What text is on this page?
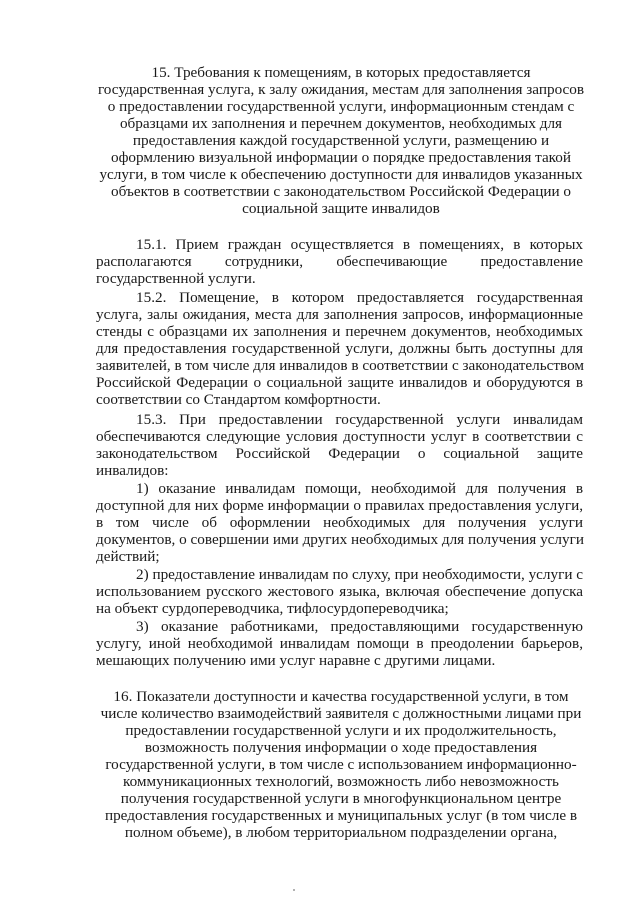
15. Требования к помещениям, в которых предоставляется
государственная услуга, к залу ожидания, местам для заполнения запросов
о предоставлении государственной услуги, информационным стендам с
образцами их заполнения и перечнем документов, необходимых для
предоставления каждой государственной услуги, размещению и
оформлению визуальной информации о порядке предоставления такой
услуги, в том числе к обеспечению доступности для инвалидов указанных
объектов в соответствии с законодательством Российской Федерации о
социальной защите инвалидов
15.1. Прием граждан осуществляется в помещениях, в которых
располагаются сотрудники, обеспечивающие предоставление
государственной услуги.
15.2. Помещение, в котором предоставляется государственная
услуга, залы ожидания, места для заполнения запросов, информационные
стенды с образцами их заполнения и перечнем документов, необходимых
для предоставления государственной услуги, должны быть доступны для
заявителей, в том числе для инвалидов в соответствии с законодательством
Российской Федерации о социальной защите инвалидов и оборудуются в
соответствии со Стандартом комфортности.
15.3. При предоставлении государственной услуги инвалидам
обеспечиваются следующие условия доступности услуг в соответствии с
законодательством Российской Федерации о социальной защите
инвалидов:
1) оказание инвалидам помощи, необходимой для получения в
доступной для них форме информации о правилах предоставления услуги,
в том числе об оформлении необходимых для получения услуги
документов, о совершении ими других необходимых для получения услуги
действий;
2) предоставление инвалидам по слуху, при необходимости, услуги с
использованием русского жестового языка, включая обеспечение допуска
на объект сурдопереводчика, тифлосурдопереводчика;
3) оказание работниками, предоставляющими государственную
услугу, иной необходимой инвалидам помощи в преодолении барьеров,
мешающих получению ими услуг наравне с другими лицами.
16. Показатели доступности и качества государственной услуги, в том
числе количество взаимодействий заявителя с должностными лицами при
предоставлении государственной услуги и их продолжительность,
возможность получения информации о ходе предоставления
государственной услуги, в том числе с использованием информационно-
коммуникационных технологий, возможность либо невозможность
получения государственной услуги в многофункциональном центре
предоставления государственных и муниципальных услуг (в том числе в
полном объеме), в любом территориальном подразделении органа,
